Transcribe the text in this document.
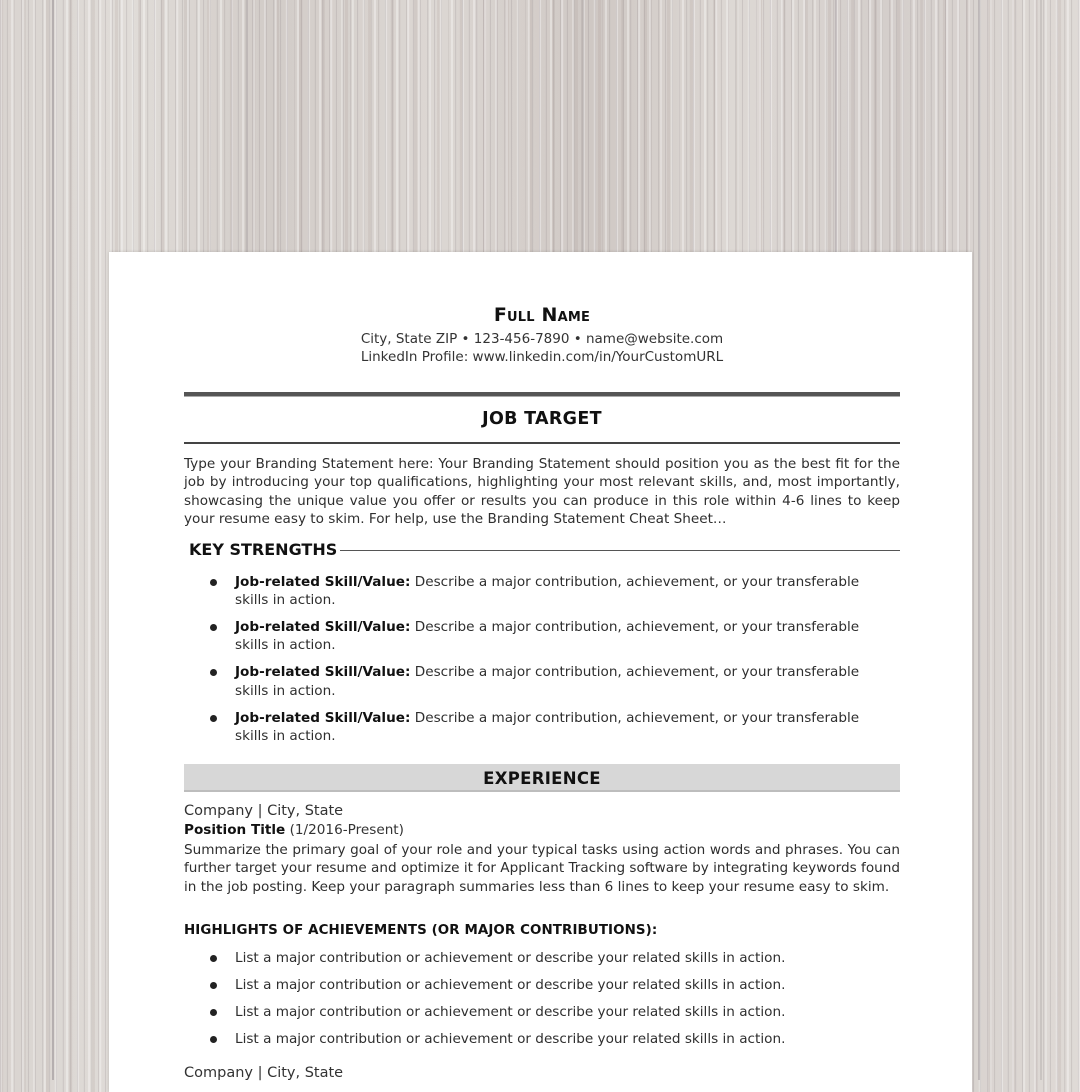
Full Name
City, State ZIP • 123-456-7890 • name@website.com
LinkedIn Profile: www.linkedin.com/in/YourCustomURL
JOB TARGET
Type your Branding Statement here: Your Branding Statement should position you as the best fit for the job by introducing your top qualifications, highlighting your most relevant skills, and, most importantly, showcasing the unique value you offer or results you can produce in this role within 4-6 lines to keep your resume easy to skim. For help, use the Branding Statement Cheat Sheet…
KEY STRENGTHS
Job-related Skill/Value: Describe a major contribution, achievement, or your transferable skills in action.
Job-related Skill/Value: Describe a major contribution, achievement, or your transferable skills in action.
Job-related Skill/Value: Describe a major contribution, achievement, or your transferable skills in action.
Job-related Skill/Value: Describe a major contribution, achievement, or your transferable skills in action.
EXPERIENCE
Company | City, State
Position Title (1/2016-Present)
Summarize the primary goal of your role and your typical tasks using action words and phrases. You can further target your resume and optimize it for Applicant Tracking software by integrating keywords found in the job posting. Keep your paragraph summaries less than 6 lines to keep your resume easy to skim.
HIGHLIGHTS OF ACHIEVEMENTS (OR MAJOR CONTRIBUTIONS):
List a major contribution or achievement or describe your related skills in action.
List a major contribution or achievement or describe your related skills in action.
List a major contribution or achievement or describe your related skills in action.
List a major contribution or achievement or describe your related skills in action.
Company | City, State
